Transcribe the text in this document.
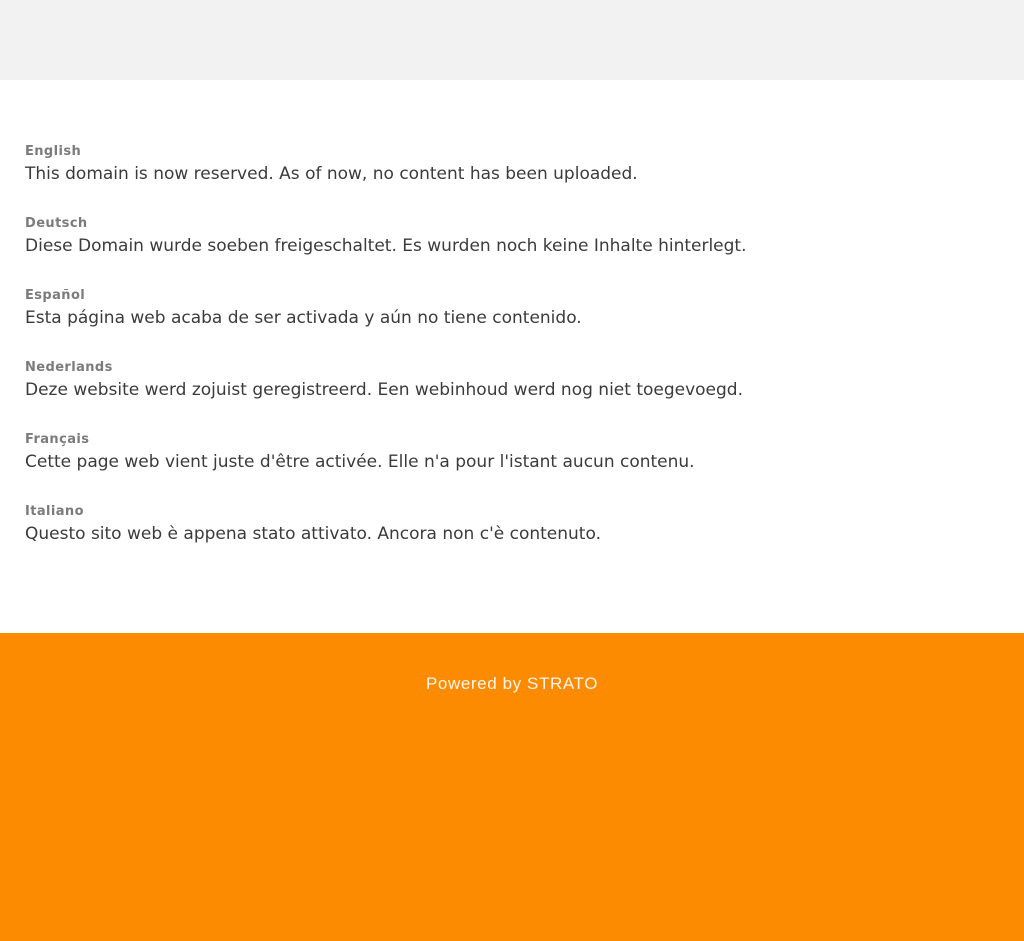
English
This domain is now reserved. As of now, no content has been uploaded.
Deutsch
Diese Domain wurde soeben freigeschaltet. Es wurden noch keine Inhalte hinterlegt.
Español
Esta página web acaba de ser activada y aún no tiene contenido.
Nederlands
Deze website werd zojuist geregistreerd. Een webinhoud werd nog niet toegevoegd.
Français
Cette page web vient juste d'être activée. Elle n'a pour l'istant aucun contenu.
Italiano
Questo sito web è appena stato attivato. Ancora non c'è contenuto.
Powered by STRATO
